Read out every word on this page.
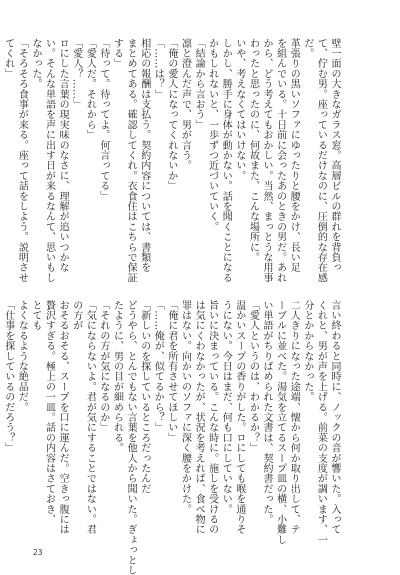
壁一面の大きなガラス窓。高層ビルの群れを背負っ

て、佇む男。座っているだけなのに、圧倒的な存在感

だ。

革張りの黒いソファにゆったりと腰をかけ、長い足

を組んでいる。十日前に会ったあのときの男だ。あれ

から、どう考えてもおかしい。当然、まっとうな用事

わったと思ったのに、何故また、こんな場所に。

いや、考えなくてはいけない。

しかし、勝手に身体が動かない。話を聞くことになる

かもしれないと、一歩ずつ近づいていく。

「結論から言おう」

凛と澄んだ声で、男が言う。

「俺の愛人になってくれないか」

「……は？」

相応の報酬は支払う。契約内容については、書類を

まとめてある。確認してくれ。衣食住はこちらで保証

する」

「待って。待ってよ。何言ってる」

「愛人だ。それから」

「愛人？……」

ロにした言葉の現実味のなさに、理解が追いつかな

い。そんな単語を声に出す日が来るなんて、思いもし

なかった。

「そろそろ食事が来る。座って話をしよう。説明させ

てくれ」

言い終わると同時に、ノックの音が響いた。入って

くれと、男が声を上げる。前菜の支度が調います、一

分とかからなかった。

二人きりになった途端、懐から何か取り出して、テ

ーブルに並べた。湯気を立てるスープ皿の横、小難し

い単語がちりばめられた文書は、契約書だった。

「愛人というのは、わかるか？」

温かいスープの香りがした。ロにしても喉を通りそ

うにない。今日はまだ、何も口にしていない。

旨いに決まっている。こんな時に。施しを受けるの

は気にくわなかったが、状況を考えれば、食べ物に

罪はない。向かいのソファに深く腰をかけた。

「俺に君を所有させてほしい」

「……俺が、似てるから？」

「新しいのを探しているところだったんだ

どうやら、とんでもない言葉を他人から聞いた。ぎょっとし

たように、男の目が細められる。

「それの方が気になるのか」

「気にならないよ。君が気にすることではない。君

の方が

おそるおそる、スープを口に運んだ。空きっ腹には

贅沢すぎる。極上の一皿。話の内容はさておき、

とても

よくなるような絶品だ。

「仕事を探しているのだろう？」

23
